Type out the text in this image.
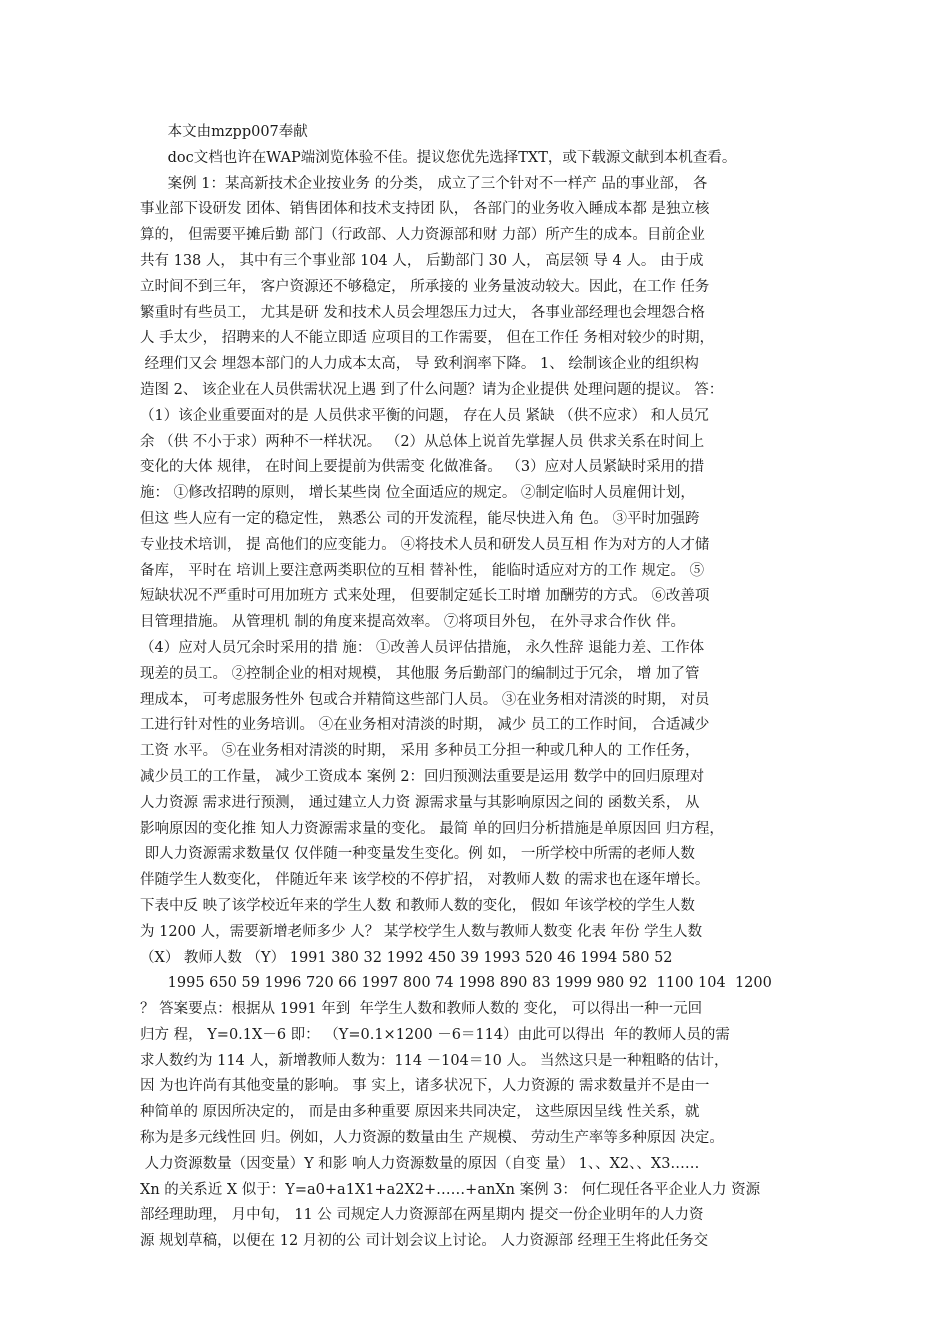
本文由mzpp007奉献
doc文档也许在WAP端浏览体验不佳。提议您优先选择TXT，或下载源文献到本机查看。
案例 1：某高新技术企业按业务 的分类， 成立了三个针对不一样产 品的事业部， 各
事业部下设研发 团体、销售团体和技术支持团 队， 各部门的业务收入睡成本都 是独立核
算的， 但需要平摊后勤 部门（行政部、人力资源部和财 力部）所产生的成本。目前企业
共有 138 人， 其中有三个事业部 104 人， 后勤部门 30 人， 高层领 导 4 人。 由于成
立时间不到三年， 客户资源还不够稳定， 所承接的 业务量波动较大。因此，在工作 任务
繁重时有些员工， 尤其是研 发和技术人员会埋怨压力过大， 各事业部经理也会埋怨合格
人 手太少， 招聘来的人不能立即适 应项目的工作需要， 但在工作任 务相对较少的时期，
经理们又会 埋怨本部门的人力成本太高， 导 致利润率下降。 1、 绘制该企业的组织构
造图 2、 该企业在人员供需状况上遇 到了什么问题？请为企业提供 处理问题的提议。 答：
（1）该企业重要面对的是 人员供求平衡的问题， 存在人员 紧缺 （供不应求） 和人员冗
余 （供 不小于求）两种不一样状况。 （2）从总体上说首先掌握人员 供求关系在时间上
变化的大体 规律， 在时间上要提前为供需变 化做准备。 （3）应对人员紧缺时采用的措
施： ①修改招聘的原则， 增长某些岗 位全面适应的规定。 ②制定临时人员雇佣计划，
但这 些人应有一定的稳定性， 熟悉公 司的开发流程，能尽快进入角 色。 ③平时加强跨
专业技术培训， 提 高他们的应变能力。 ④将技术人员和研发人员互相 作为对方的人才储
备库， 平时在 培训上要注意两类职位的互相 替补性， 能临时适应对方的工作 规定。 ⑤
短缺状况不严重时可用加班方 式来处理， 但要制定延长工时增 加酬劳的方式。 ⑥改善项
目管理措施。 从管理机 制的角度来提高效率。 ⑦将项目外包， 在外寻求合作伙 伴。
（4）应对人员冗余时采用的措 施： ①改善人员评估措施， 永久性辞 退能力差、工作体
现差的员工。 ②控制企业的相对规模， 其他服 务后勤部门的编制过于冗余， 增 加了管
理成本， 可考虑服务性外 包或合并精简这些部门人员。 ③在业务相对清淡的时期， 对员
工进行针对性的业务培训。 ④在业务相对清淡的时期， 减少 员工的工作时间， 合适减少
工资 水平。 ⑤在业务相对清淡的时期， 采用 多种员工分担一种或几种人的 工作任务，
减少员工的工作量， 减少工资成本 案例 2：回归预测法重要是运用 数学中的回归原理对
人力资源 需求进行预测， 通过建立人力资 源需求量与其影响原因之间的 函数关系， 从
影响原因的变化推 知人力资源需求量的变化。 最简 单的回归分析措施是单原因回 归方程，
即人力资源需求数量仅 仅伴随一种变量发生变化。例 如， 一所学校中所需的老师人数
伴随学生人数变化， 伴随近年来 该学校的不停扩招， 对教师人数 的需求也在逐年增长。
下表中反 映了该学校近年来的学生人数 和教师人数的变化， 假如 年该学校的学生人数
为 1200 人，需要新增老师多少 人？ 某学校学生人数与教师人数变 化表 年份 学生人数
（X） 教师人数 （Y） 1991 380 32 1992 450 39 1993 520 46 1994 580 52
1995 650 59 1996 720 66 1997 800 74 1998 890 83 1999 980 92  1100 104  1200
？ 答案要点：根据从 1991 年到  年学生人数和教师人数的 变化， 可以得出一种一元回
归方 程， Y=0.1X－6 即： （Y=0.1×1200 －6＝114）由此可以得出  年的教师人员的需
求人数约为 114 人，新增教师人数为：114 －104＝10 人。 当然这只是一种粗略的估计，
因 为也许尚有其他变量的影响。 事 实上，诸多状况下，人力资源的 需求数量并不是由一
种简单的 原因所决定的， 而是由多种重要 原因来共同决定， 这些原因呈线 性关系，就
称为是多元线性回 归。例如，人力资源的数量由生 产规模、 劳动生产率等多种原因 决定。
人力资源数量（因变量）Y 和影 响人力资源数量的原因（自变 量） 1、、X2、、X3……
Xn 的关系近 X 似于：Y=a0+a1X1+a2X2+……+anXn 案例 3： 何仁现任各平企业人力 资源
部经理助理， 月中旬， 11 公 司规定人力资源部在两星期内 提交一份企业明年的人力资
源 规划草稿，以便在 12 月初的公 司计划会议上讨论。 人力资源部 经理王生将此任务交
